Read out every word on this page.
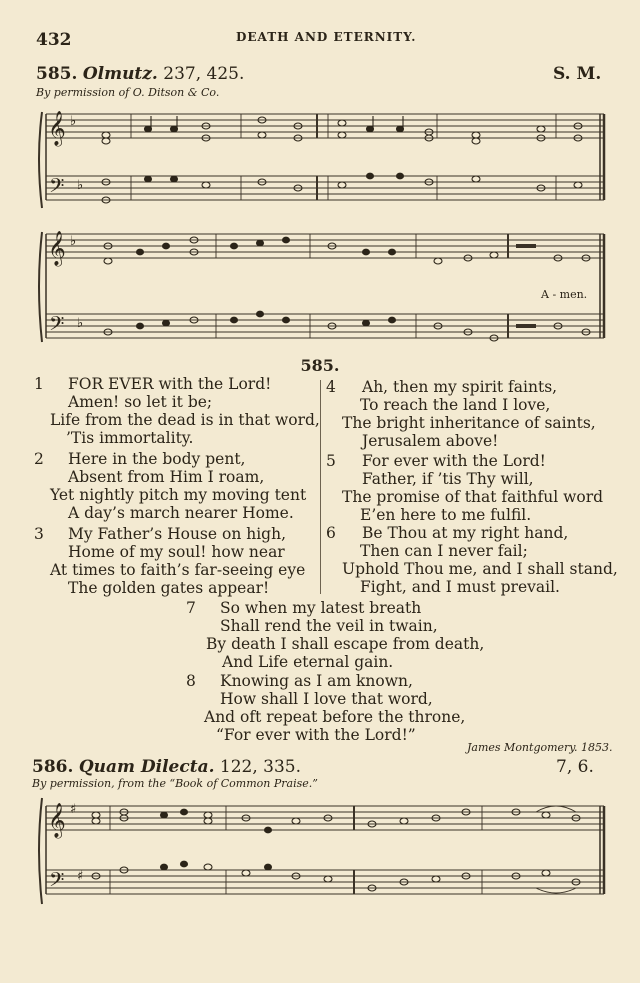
432	DEATH AND ETERNITY.
585. Olmutz. 237, 425.	S. M.
By permission of O. Ditson & Co.
𝄞
𝄢
♭
♭
𝄞
𝄢
♭
♭
A - men.
585.
1 FOR EVER with the Lord!
Amen! so let it be;
Life from the dead is in that word,
’Tis immortality.
2 Here in the body pent,
Absent from Him I roam,
Yet nightly pitch my moving tent
A day’s march nearer Home.
3 My Father’s House on high,
Home of my soul! how near
At times to faith’s far-seeing eye
The golden gates appear!
4 Ah, then my spirit faints,
To reach the land I love,
The bright inheritance of saints,
Jerusalem above!
5 For ever with the Lord!
Father, if ’tis Thy will,
The promise of that faithful word
E’en here to me fulfil.
6 Be Thou at my right hand,
Then can I never fail;
Uphold Thou me, and I shall stand,
Fight, and I must prevail.
7 So when my latest breath
Shall rend the veil in twain,
By death I shall escape from death,
And Life eternal gain.
8 Knowing as I am known,
How shall I love that word,
And oft repeat before the throne,
“For ever with the Lord!”
James Montgomery. 1853.
586. Quam Dilecta. 122, 335.	7, 6.
By permission, from the “Book of Common Praise.”
𝄞
𝄢
♯
♯
